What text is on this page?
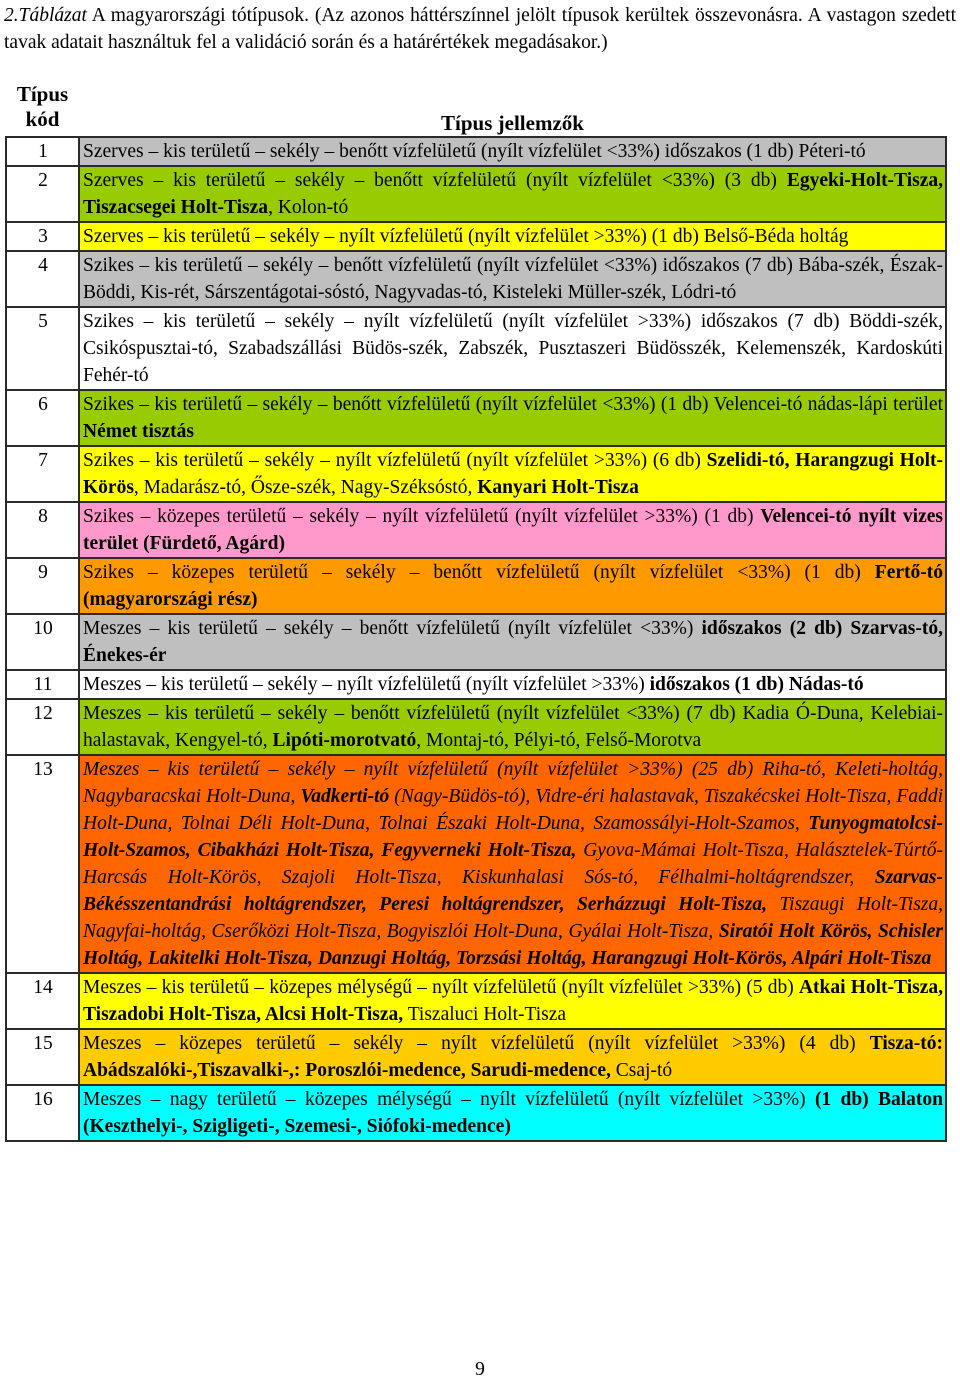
2.Táblázat A magyarországi tótípusok. (Az azonos háttérszínnel jelölt típusok kerültek összevonásra. A vastagon szedett tavak adatait használtuk fel a validáció során és a határértékek megadásakor.)

Típus kód	Típus jellemzők
1	Szerves – kis területű – sekély – benőtt vízfelületű (nyílt vízfelület <33%) időszakos (1 db) Péteri-tó
2	Szerves – kis területű – sekély – benőtt vízfelületű (nyílt vízfelület <33%) (3 db) Egyeki-Holt-Tisza, Tiszacsegei Holt-Tisza, Kolon-tó
3	Szerves – kis területű – sekély – nyílt vízfelületű (nyílt vízfelület >33%) (1 db) Belső-Béda holtág
4	Szikes – kis területű – sekély – benőtt vízfelületű (nyílt vízfelület <33%) időszakos (7 db) Bába-szék, Észak-Böddi, Kis-rét, Sárszentágotai-sóstó, Nagyvadas-tó, Kisteleki Müller-szék, Lódri-tó
5	Szikes – kis területű – sekély – nyílt vízfelületű (nyílt vízfelület >33%) időszakos (7 db) Böddi-szék, Csikóspusztai-tó, Szabadszállási Büdös-szék, Zabszék, Pusztaszeri Büdösszék, Kelemenszék, Kardoskúti Fehér-tó
6	Szikes – kis területű – sekély – benőtt vízfelületű (nyílt vízfelület <33%) (1 db) Velencei-tó nádas-lápi terület Német tisztás
7	Szikes – kis területű – sekély – nyílt vízfelületű (nyílt vízfelület >33%) (6 db) Szelidi-tó, Harangzugi Holt-Körös, Madarász-tó, Ősze-szék, Nagy-Széksóstó, Kanyari Holt-Tisza
8	Szikes – közepes területű – sekély – nyílt vízfelületű (nyílt vízfelület >33%) (1 db) Velencei-tó nyílt vizes terület (Fürdető, Agárd)
9	Szikes – közepes területű – sekély – benőtt vízfelületű (nyílt vízfelület <33%) (1 db) Fertő-tó (magyarországi rész)
10	Meszes – kis területű – sekély – benőtt vízfelületű (nyílt vízfelület <33%) időszakos (2 db) Szarvas-tó, Énekes-ér
11	Meszes – kis területű – sekély – nyílt vízfelületű (nyílt vízfelület >33%) időszakos (1 db) Nádas-tó
12	Meszes – kis területű – sekély – benőtt vízfelületű (nyílt vízfelület <33%) (7 db) Kadia Ó-Duna, Kelebiai-halastavak, Kengyel-tó, Lipóti-morotvató, Montaj-tó, Pélyi-tó, Felső-Morotva
13	Meszes – kis területű – sekély – nyílt vízfelületű (nyílt vízfelület >33%) (25 db) Riha-tó, Keleti-holtág, Nagybaracskai Holt-Duna, Vadkerti-tó (Nagy-Büdös-tó), Vidre-éri halastavak, Tiszakécskei Holt-Tisza, Faddi Holt-Duna, Tolnai Déli Holt-Duna, Tolnai Északi Holt-Duna, Szamossályi-Holt-Szamos, Tunyogmatolcsi-Holt-Szamos, Cibakházi Holt-Tisza, Fegyverneki Holt-Tisza, Gyova-Mámai Holt-Tisza, Halásztelek-Túrtő-Harcsás Holt-Körös, Szajoli Holt-Tisza, Kiskunhalasi Sós-tó, Félhalmi-holtágrendszer, Szarvas-Békésszentandrási holtágrendszer, Peresi holtágrendszer, Serházzugi Holt-Tisza, Tiszaugi Holt-Tisza, Nagyfai-holtág, Cserőközi Holt-Tisza, Bogyiszlói Holt-Duna, Gyálai Holt-Tisza, Siratói Holt Körös, Schisler Holtág, Lakitelki Holt-Tisza, Danzugi Holtág, Torzsási Holtág, Harangzugi Holt-Körös, Alpári Holt-Tisza
14	Meszes – kis területű – közepes mélységű – nyílt vízfelületű (nyílt vízfelület >33%) (5 db) Atkai Holt-Tisza, Tiszadobi Holt-Tisza, Alcsi Holt-Tisza, Tiszaluci Holt-Tisza
15	Meszes – közepes területű – sekély – nyílt vízfelületű (nyílt vízfelület >33%) (4 db) Tisza-tó: Abádszalóki-,Tiszavalki-,: Poroszlói-medence, Sarudi-medence, Csaj-tó
16	Meszes – nagy területű – közepes mélységű – nyílt vízfelületű (nyílt vízfelület >33%) (1 db) Balaton (Keszthelyi-, Szigligeti-, Szemesi-, Siófoki-medence)
9
